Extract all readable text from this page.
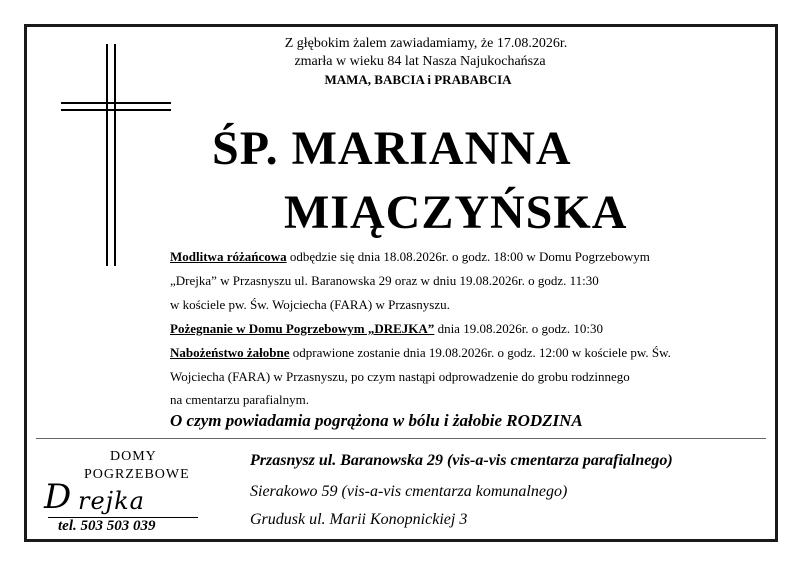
Z głębokim żalem zawiadamiamy, że 17.08.2026r.
zmarła w wieku 84 lat Nasza Najukochańsza
MAMA, BABCIA i PRABABCIA
ŚP. MARIANNA
MIĄCZYŃSKA
Modlitwa różańcowa odbędzie się dnia 18.08.2026r. o godz. 18:00 w Domu Pogrzebowym
„Drejka” w Przasnyszu ul. Baranowska 29 oraz w dniu 19.08.2026r. o godz. 11:30
w kościele pw. Św. Wojciecha (FARA) w Przasnyszu.
Pożegnanie w Domu Pogrzebowym „DREJKA” dnia 19.08.2026r. o godz. 10:30
Nabożeństwo żałobne odprawione zostanie dnia 19.08.2026r. o godz. 12:00 w kościele pw. Św.
Wojciecha (FARA) w Przasnyszu, po czym nastąpi odprowadzenie do grobu rodzinnego
na cmentarzu parafialnym.
O czym powiadamia pogrążona w bólu i żałobie RODZINA
DOMY
POGRZEBOWE
D rejka
tel. 503 503 039
Przasnysz ul. Baranowska 29 (vis-a-vis cmentarza parafialnego)
Sierakowo 59 (vis-a-vis cmentarza komunalnego)
Grudusk ul. Marii Konopnickiej 3
